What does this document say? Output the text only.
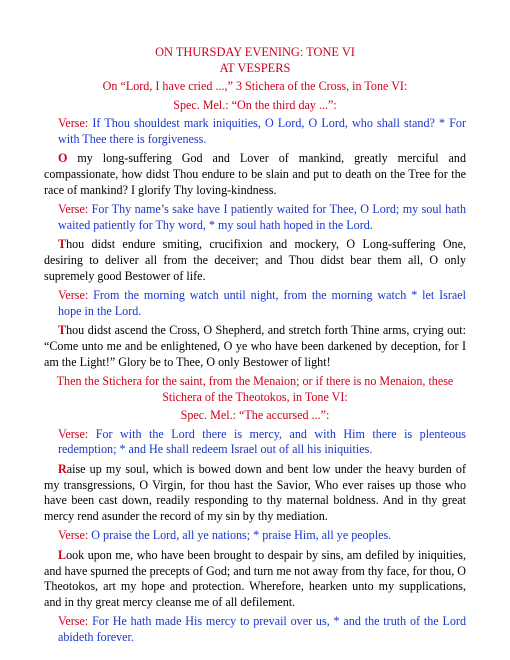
ON THURSDAY EVENING: TONE VI
AT VESPERS
On “Lord, I have cried ...,” 3 Stichera of the Cross, in Tone VI:
Spec. Mel.: “On the third day ...”:

Verse: If Thou shouldest mark iniquities, O Lord, O Lord, who shall stand? * For with Thee there is forgiveness.

O my long-suffering God and Lover of mankind, greatly merciful and compassionate, how didst Thou endure to be slain and put to death on the Tree for the race of mankind? I glorify Thy loving-kindness.

Verse: For Thy name’s sake have I patiently waited for Thee, O Lord; my soul hath waited patiently for Thy word, * my soul hath hoped in the Lord.

Thou didst endure smiting, crucifixion and mockery, O Long-suffering One, desiring to deliver all from the deceiver; and Thou didst bear them all, O only supremely good Bestower of life.

Verse: From the morning watch until night, from the morning watch * let Israel hope in the Lord.

Thou didst ascend the Cross, O Shepherd, and stretch forth Thine arms, crying out: “Come unto me and be enlightened, O ye who have been darkened by deception, for I am the Light!” Glory be to Thee, O only Bestower of light!

Then the Stichera for the saint, from the Menaion; or if there is no Menaion, these Stichera of the Theotokos, in Tone VI:

Spec. Mel.: “The accursed ...”:

Verse: For with the Lord there is mercy, and with Him there is plenteous redemption; * and He shall redeem Israel out of all his iniquities.

Raise up my soul, which is bowed down and bent low under the heavy burden of my transgressions, O Virgin, for thou hast the Savior, Who ever raises up those who have been cast down, readily responding to thy maternal boldness. And in thy great mercy rend asunder the record of my sin by thy mediation.

Verse: O praise the Lord, all ye nations; * praise Him, all ye peoples.

Look upon me, who have been brought to despair by sins, am defiled by iniquities, and have spurned the precepts of God; and turn me not away from thy face, for thou, O Theotokos, art my hope and protection. Wherefore, hearken unto my supplications, and in thy great mercy cleanse me of all defilement.

Verse: For He hath made His mercy to prevail over us, * and the truth of the Lord abideth forever.
